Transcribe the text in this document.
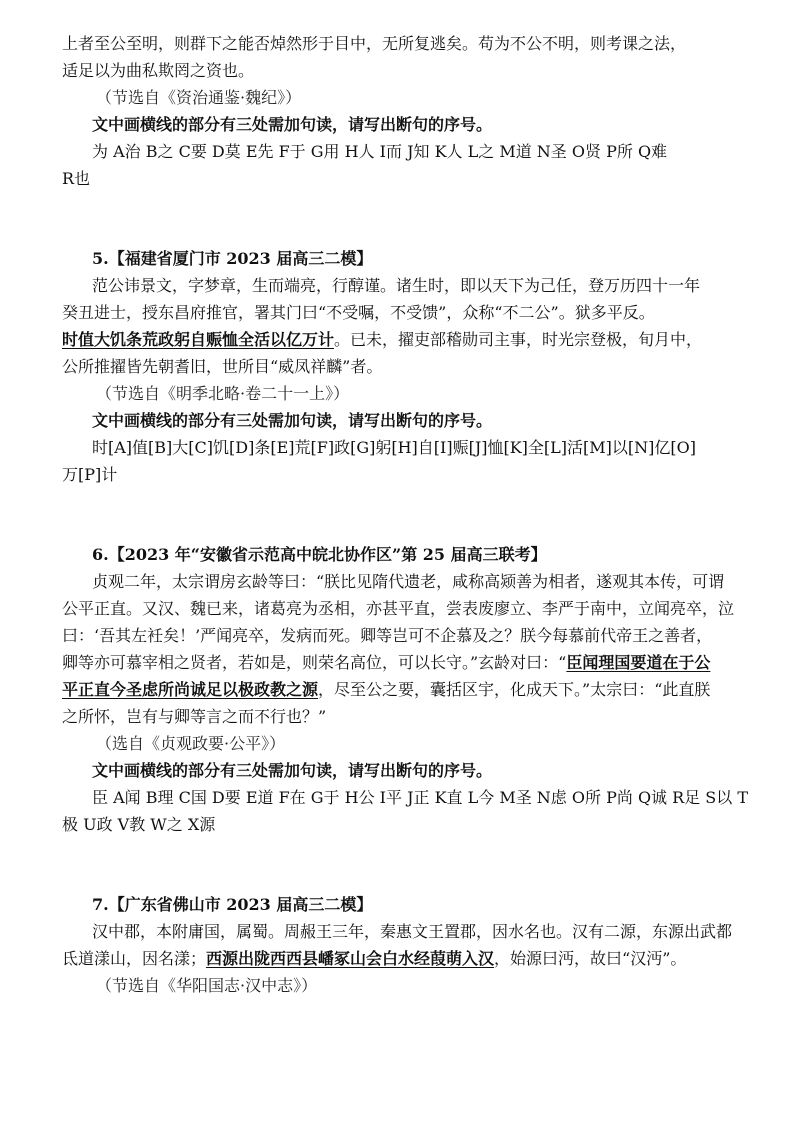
上者至公至明，则群下之能否焯然形于目中，无所复逃矣。苟为不公不明，则考课之法，
适足以为曲私欺罔之资也。
（节选自《资治通鉴·魏纪》）
文中画横线的部分有三处需加句读，请写出断句的序号。
为 A治 B之 C要 D莫 E先 F于 G用 H人 I而 J知 K人 L之 M道 N圣 O贤 P所 Q难
R也
5.【福建省厦门市 2023 届高三二模】
范公讳景文，字梦章，生而端亮，行醇谨。诸生时，即以天下为己任，登万历四十一年
癸丑进士，授东昌府推官，署其门曰“不受嘱，不受馈”，众称“不二公”。狱多平反。
时值大饥条荒政躬自赈恤全活以亿万计。已未，擢吏部稽勋司主事，时光宗登极，旬月中，
公所推擢皆先朝耆旧，世所目“威凤祥麟”者。
（节选自《明季北略·卷二十一上》）
文中画横线的部分有三处需加句读，请写出断句的序号。
时[A]值[B]大[C]饥[D]条[E]荒[F]政[G]躬[H]自[I]赈[J]恤[K]全[L]活[M]以[N]亿[O]
万[P]计
6.【2023 年“安徽省示范高中皖北协作区”第 25 届高三联考】
贞观二年，太宗谓房玄龄等曰：“朕比见隋代遗老，咸称高颎善为相者，遂观其本传，可谓
公平正直。又汉、魏已来，诸葛亮为丞相，亦甚平直，尝表废廖立、李严于南中，立闻亮卒，泣
曰：‘吾其左衽矣！’严闻亮卒，发病而死。卿等岂可不企慕及之？朕今每慕前代帝王之善者，
卿等亦可慕宰相之贤者，若如是，则荣名高位，可以长守。”玄龄对曰：“臣闻理国要道在于公
平正直今圣虑所尚诚足以极政教之源，尽至公之要，囊括区宇，化成天下。”太宗曰：“此直朕
之所怀，岂有与卿等言之而不行也？”
（选自《贞观政要·公平》）
文中画横线的部分有三处需加句读，请写出断句的序号。
臣 A闻 B理 C国 D要 E道 F在 G于 H公 I平 J正 K直 L今 M圣 N虑 O所 P尚 Q诚 R足 S以 T
极 U政 V教 W之 X源
7.【广东省佛山市 2023 届高三二模】
汉中郡，本附庸国，属蜀。周赧王三年，秦惠文王置郡，因水名也。汉有二源，东源出武都
氐道漾山，因名漾；西源出陇西西县嶓冢山会白水经葭萌入汉，始源曰沔，故曰“汉沔”。
（节选自《华阳国志·汉中志》）
